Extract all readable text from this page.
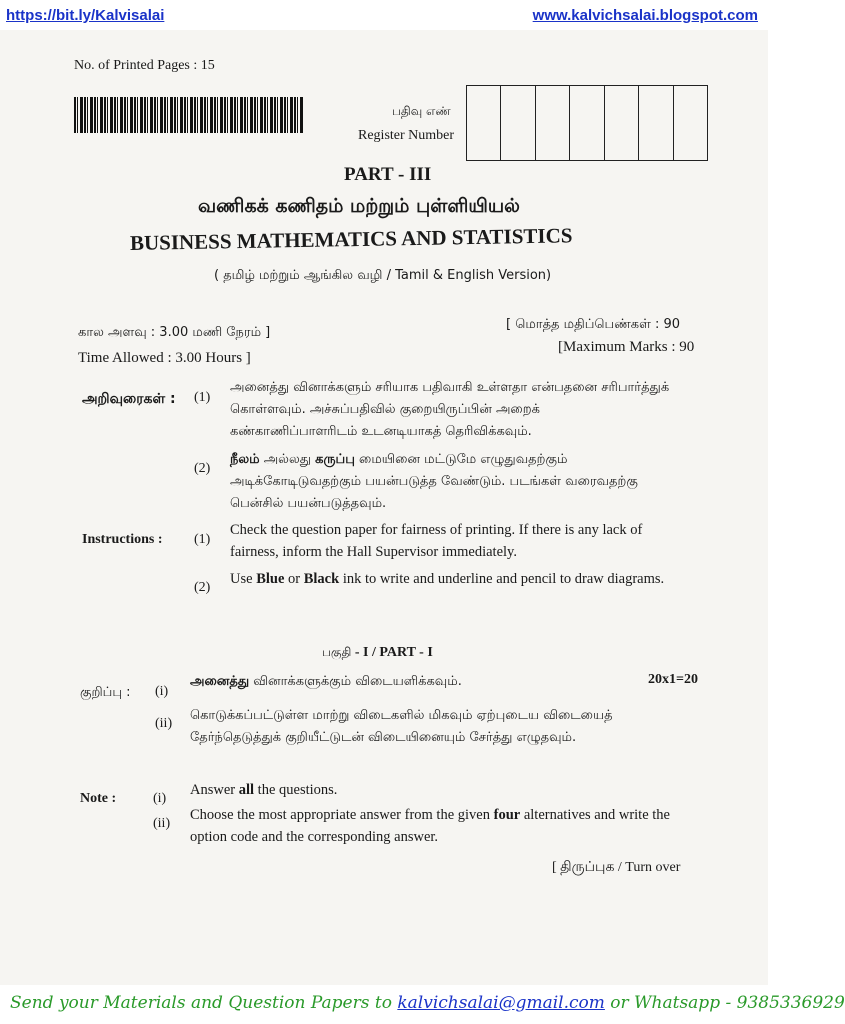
https://bit.ly/Kalvisalai	www.kalvichsalai.blogspot.com
No. of Printed Pages : 15
பதிவு எண்
Register Number
PART - III
வணிகக் கணிதம் மற்றும் புள்ளியியல்
BUSINESS MATHEMATICS AND STATISTICS
( தமிழ் மற்றும் ஆங்கில வழி / Tamil & English Version)
கால அளவு : 3.00 மணி நேரம் ]
Time Allowed : 3.00 Hours ]
[ மொத்த மதிப்பெண்கள் : 90
[Maximum Marks : 90
அறிவுரைகள் : (1)
அனைத்து வினாக்களும் சரியாக பதிவாகி உள்ளதா என்பதனை சரிபார்த்துக் கொள்ளவும். அச்சுப்பதிவில் குறையிருப்பின் அறைக் கண்காணிப்பாளரிடம் உடனடியாகத் தெரிவிக்கவும்.
(2)
நீலம் அல்லது கருப்பு மையினை மட்டுமே எழுதுவதற்கும் அடிக்கோடிடுவதற்கும் பயன்படுத்த வேண்டும். படங்கள் வரைவதற்கு பென்சில் பயன்படுத்தவும்.
Instructions : (1)
Check the question paper for fairness of printing. If there is any lack of fairness, inform the Hall Supervisor immediately.
(2)
Use Blue or Black ink to write and underline and pencil to draw diagrams.
பகுதி - I / PART - I
20x1=20
குறிப்பு : (i)
அனைத்து வினாக்களுக்கும் விடையளிக்கவும்.
(ii)
கொடுக்கப்பட்டுள்ள மாற்று விடைகளில் மிகவும் ஏற்புடைய விடையைத் தேர்ந்தெடுத்துக் குறியீட்டுடன் விடையினையும் சேர்த்து எழுதவும்.
Note :	(i)
Answer all the questions.
(ii)
Choose the most appropriate answer from the given four alternatives and write the option code and the corresponding answer.
[ திருப்புக / Turn over
Send your Materials and Question Papers to kalvichsalai@gmail.com or Whatsapp - 9385336929
